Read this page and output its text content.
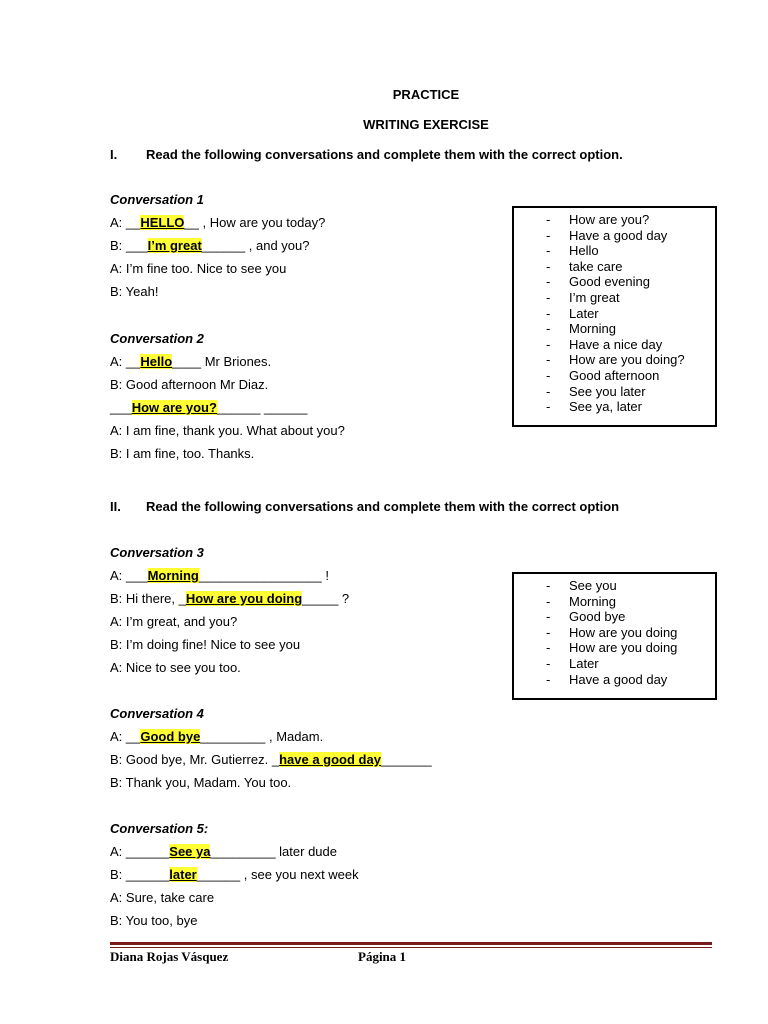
PRACTICE
WRITING EXERCISE
I. Read the following conversations and complete them with the correct option.
Conversation 1
A: __HELLO__ , How are you today?
B: ___I’m great______ , and you?
A: I’m fine too. Nice to see you
B: Yeah!
Conversation 2
A: __Hello____ Mr Briones.
B: Good afternoon Mr Diaz.
___How are you?______ ______
A: I am fine, thank you. What about you?
B: I am fine, too. Thanks.
- How are you?
- Have a good day
- Hello
- take care
- Good evening
- I’m great
- Later
- Morning
- Have a nice day
- How are you doing?
- Good afternoon
- See you later
- See ya, later
II. Read the following conversations and complete them with the correct option
Conversation 3
A: ___Morning_________________ !
B: Hi there, _How are you doing_____ ?
A: I’m great, and you?
B: I’m doing fine! Nice to see you
A: Nice to see you too.
- See you
- Morning
- Good bye
- How are you doing
- How are you doing
- Later
- Have a good day
Conversation 4
A: __Good bye_________ , Madam.
B: Good bye, Mr. Gutierrez. _have a good day_______
B: Thank you, Madam. You too.
Conversation 5:
A: ______See ya_________ later dude
B: ______later______ , see you next week
A: Sure, take care
B: You too, bye
Diana Rojas Vásquez	Página 1
